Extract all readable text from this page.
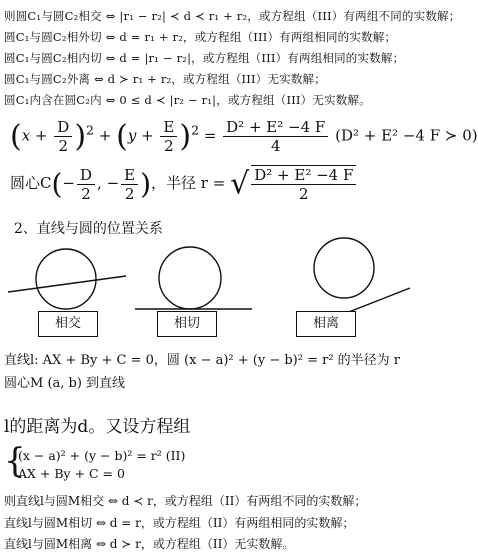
则圆C₁与圆C₂相交 ⇔ |r₁ − r₂| ≺ d ≺ r₁ + r₂，或方程组（III）有两组不同的实数解；
圆C₁与圆C₂相外切 ⇔ d = r₁ + r₂，或方程组（III）有两组相同的实数解；
圆C₁与圆C₂相内切 ⇔ d = |r₁ − r₂|，或方程组（III）有两组相同的实数解；
圆C₁与圆C₂外离 ⇔ d ≻ r₁ + r₂，或方程组（III）无实数解；
圆C₁内含在圆C₂内 ⇔ 0 ≤ d ≺ |r₂ − r₁|，或方程组（III）无实数解。
$(x + \frac{D}{2} )^2 + (y + \frac{E}{2} )^2 = \frac{\text{D² + E² −4 F}}{4} (D^2 + E^2 -4$ F ≻ 0)
圆心$C(- \frac{D}{2}$ , − $\frac{E}{2}$ )，半径 r = √ $\frac{\text{D² + E² −4 F}}{2}$
2、直线与圆的位置关系
相交	相切	相离
直线l: AX + By + C = 0，圆 (x − a)² + (y − b)² = r² 的半径为 r
圆心M (a, b) 到直线
l的距离为d。又设方程组
{
(x − a)² + (y − b)² = r² (II)
AX + By + C = 0
则直线l与圆M相交 ⇔ d ≺ r，或方程组（II）有两组不同的实数解；
直线l与圆M相切 ⇔ d = r，或方程组（II）有两组相同的实数解；
直线l与圆M相离 ⇔ d ≻ r，或方程组（II）无实数解。
